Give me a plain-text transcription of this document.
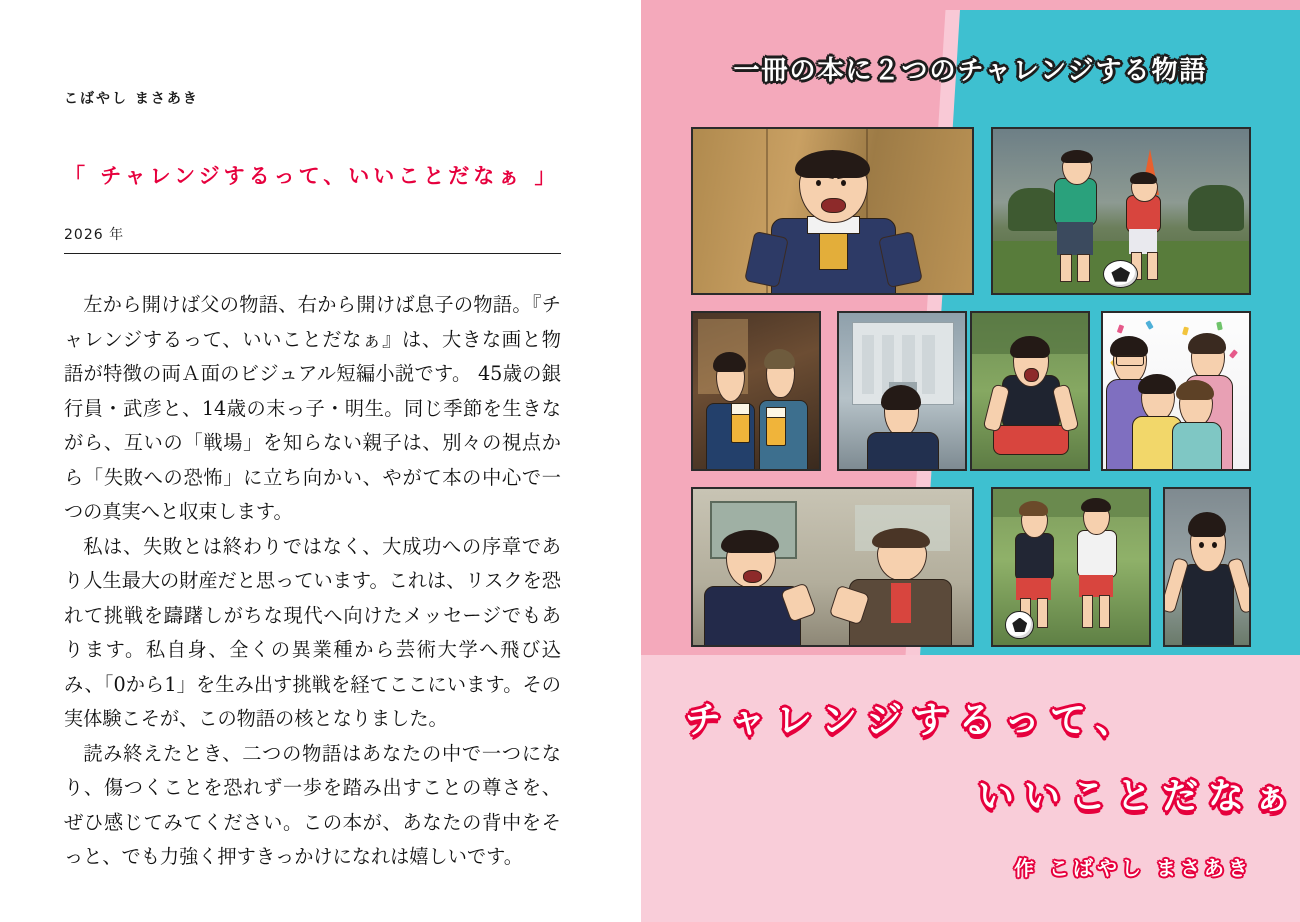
こばやし まさあき
「 チャレンジするって、いいことだなぁ 」
2026 年

左から開けば父の物語、右から開けば息子の物語。『チャレンジするって、いいことだなぁ』は、大きな画と物語が特徴の両Ａ面のビジュアル短編小説です。 45歳の銀行員・武彦と、14歳の末っ子・明生。同じ季節を生きながら、互いの「戦場」を知らない親子は、別々の視点から「失敗への恐怖」に立ち向かい、やがて本の中心で一つの真実へと収束します。

私は、失敗とは終わりではなく、大成功への序章であり人生最大の財産だと思っています。これは、リスクを恐れて挑戦を躊躇しがちな現代へ向けたメッセージでもあります。私自身、全くの異業種から芸術大学へ飛び込み、「0から1」を生み出す挑戦を経てここにいます。その実体験こそが、この物語の核となりました。

読み終えたとき、二つの物語はあなたの中で一つになり、傷つくことを恐れず一歩を踏み出すことの尊さを、ぜひ感じてみてください。この本が、あなたの背中をそっと、でも力強く押すきっかけになれは嬉しいです。

一冊の本に２つのチャレンジする物語
チャレンジするって、
いいことだなぁ
作 こばやし まさあき
